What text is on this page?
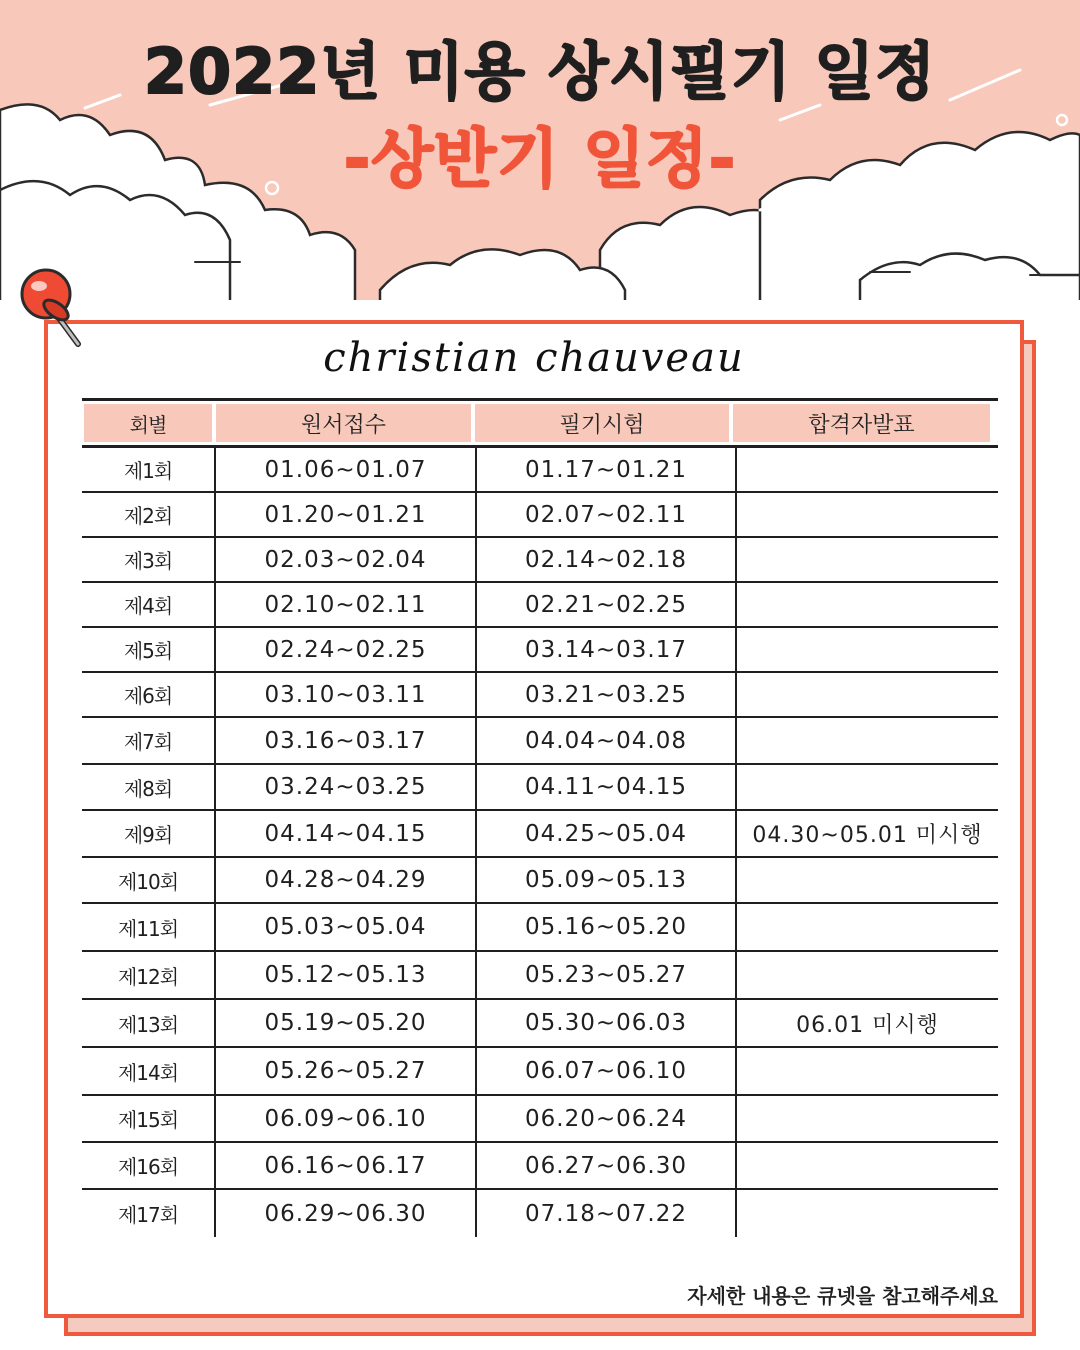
2022년 미용 상시필기 일정
-상반기 일정-
christian chauveau
회별	원서접수	필기시험	합격자발표
제1회	01.06~01.07	01.17~01.21
제2회	01.20~01.21	02.07~02.11
제3회	02.03~02.04	02.14~02.18
제4회	02.10~02.11	02.21~02.25
제5회	02.24~02.25	03.14~03.17
제6회	03.10~03.11	03.21~03.25
제7회	03.16~03.17	04.04~04.08
제8회	03.24~03.25	04.11~04.15
제9회	04.14~04.15	04.25~05.04	04.30~05.01 미시행
제10회	04.28~04.29	05.09~05.13
제11회	05.03~05.04	05.16~05.20
제12회	05.12~05.13	05.23~05.27
제13회	05.19~05.20	05.30~06.03	06.01 미시행
제14회	05.26~05.27	06.07~06.10
제15회	06.09~06.10	06.20~06.24
제16회	06.16~06.17	06.27~06.30
제17회	06.29~06.30	07.18~07.22
자세한 내용은 큐넷을 참고해주세요
